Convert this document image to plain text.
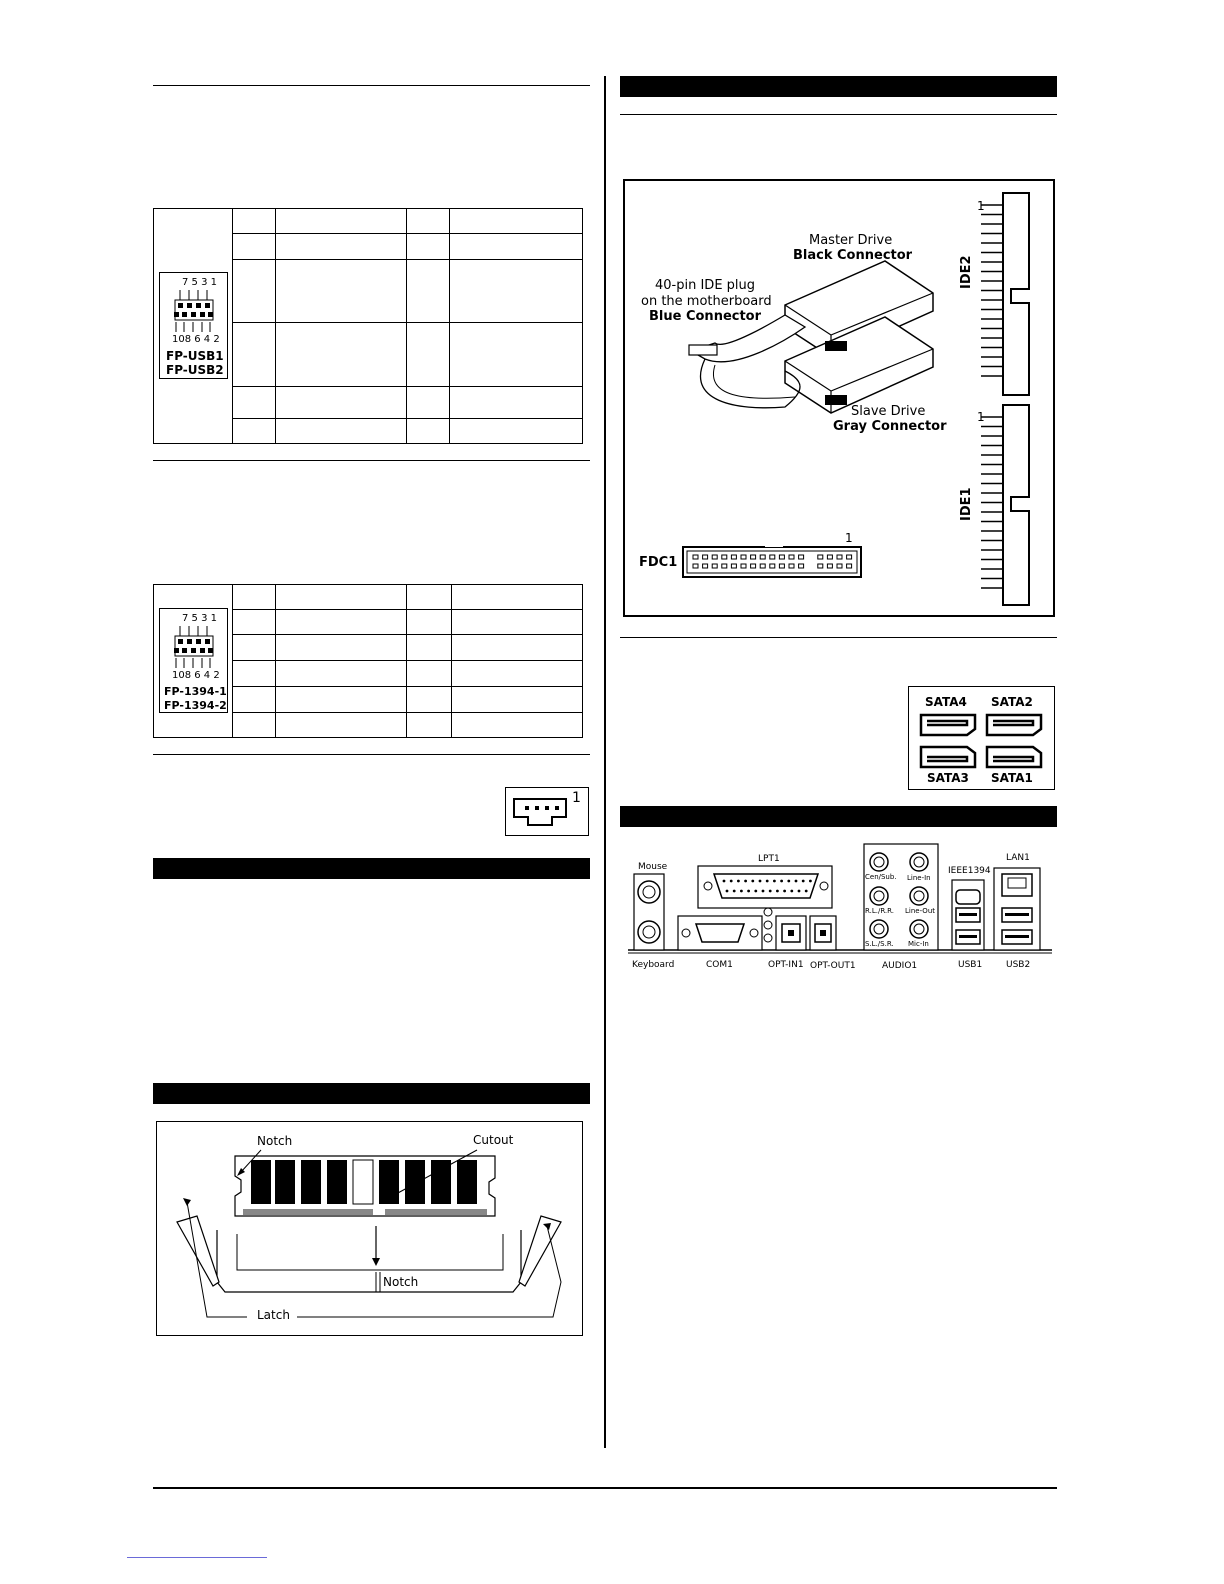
7 5 3 1
108 6 4 2
FP-USB1
FP-USB2

7 5 3 1
108 6 4 2
FP-1394-1
FP-1394-2
1
Notch	Cutout
Notch
Latch
Master Drive
Black Connector
40-pin IDE plug
on the motherboard
Blue Connector
Slave Drive
Gray Connector
IDE2
IDE1
1
1
FDC1
1
SATA4 SATA2
SATA3 SATA1
Mouse
Keyboard
LPT1
COM1	OPT-IN1 OPT-OUT1	AUDIO1
Cen/Sub. Line-In
R.L./R.R. Line-Out
S.L./S.R. Mic-In
IEEE1394
LAN1
USB1	USB2
